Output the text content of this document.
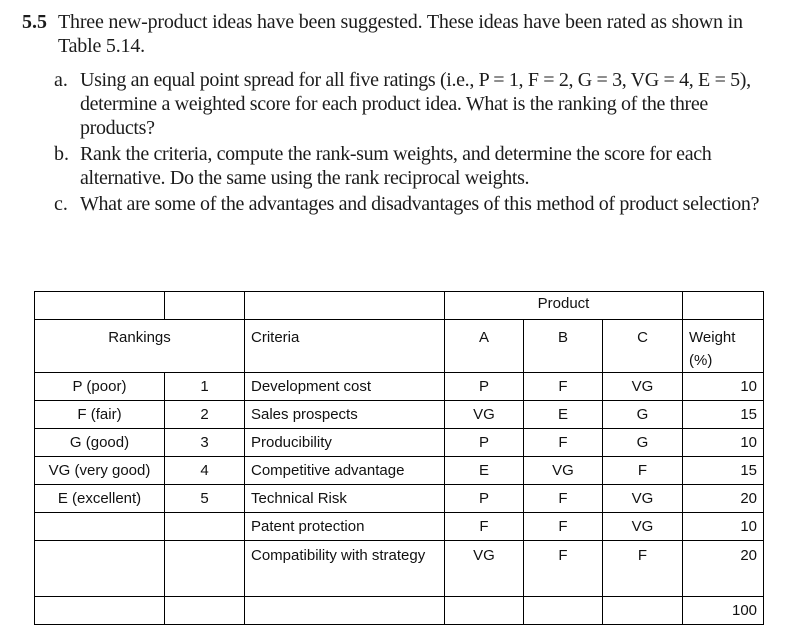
5.5 Three new-product ideas have been suggested. These ideas have been rated as shown in
Table 5.14.
a. Using an equal point spread for all five ratings (i.e., P = 1, F = 2, G = 3, VG = 4, E = 5),
determine a weighted score for each product idea. What is the ranking of the three products?
b. Rank the criteria, compute the rank-sum weights, and determine the score for each
alternative. Do the same using the rank reciprocal weights.
c. What are some of the advantages and disadvantages of this method of product selection?
			Product			
Rankings		Criteria	A	B	C	Weight (%)
P (poor)	1	Development cost	P	F	VG	10
F (fair)	2	Sales prospects	VG	E	G	15
G (good)	3	Producibility	P	F	G	10
VG (very good)	4	Competitive advantage	E	VG	F	15
E (excellent)	5	Technical Risk	P	F	VG	20
		Patent protection	F	F	VG	10
		Compatibility with strategy	VG	F	F	20
						100
